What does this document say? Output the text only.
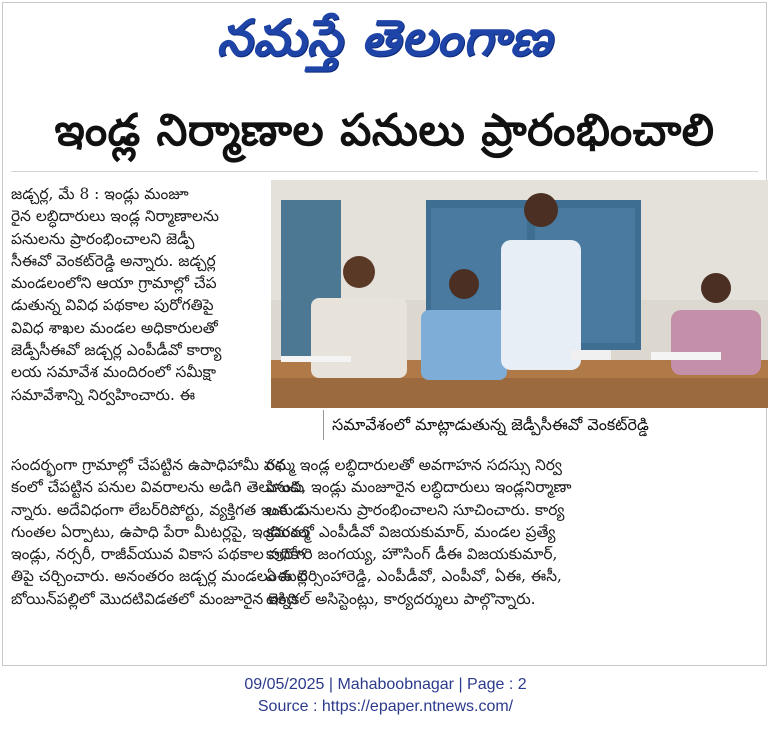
నమస్తే తెలంగాణ
ఇండ్ల నిర్మాణాల పనులు ప్రారంభించాలి
జడ్చర్ల, మే 8 : ఇండ్లు మంజూ
రైన లబ్ధిదారులు ఇండ్ల నిర్మాణాలను
పనులను ప్రారంభించాలని జెడ్పీ
సీఈవో వెంకట్‌రెడ్డి అన్నారు. జడ్చర్ల
మండలంలోని ఆయా గ్రామాల్లో చేప
డుతున్న వివిధ పథకాల పురోగతిపై
వివిధ శాఖల మండల అధికారులతో
జెడ్పీసీఈవో జడ్చర్ల ఎంపీడీవో కార్యా
లయ సమావేశ మందిరంలో సమీక్షా
సమావేశాన్ని నిర్వహించారు. ఈ
సమావేశంలో మాట్లాడుతున్న జెడ్పీసీఈవో వెంకట్‌రెడ్డి
సందర్భంగా గ్రామాల్లో చేపట్టిన ఉపాధిహామీ పథ
కంలో చేపట్టిన పనుల వివరాలను అడిగి తెలుసుకు
న్నారు. అదేవిధంగా లేబర్‌రిపోర్టు, వ్యక్తిగత ఇంకుడు
గుంతల ఏర్పాటు, ఉపాధి పేరా మీటర్లపై, ఇందిరమ్మ
ఇండ్లు, నర్సరీ, రాజీవ్‌యువ వికాస పథకాల పురోగ
తిపై చర్చించారు. అనంతరం జడ్చర్ల మండలం మల్లె
బోయిన్‌పల్లిలో మొదటివిడతలో మంజూరైన ఇంది
రమ్మ ఇండ్ల లబ్ధిదారులతో అవగాహన సదస్సు నిర్వ
హించి, ఇండ్లు మంజూరైన లబ్ధిదారులు ఇండ్లనిర్మాణా
లను పనులను ప్రారంభించాలని సూచించారు. కార్య
క్రమంలో ఎంపీడీవో విజయకుమార్, మండల ప్రత్యే
కాధికారి జంగయ్య, హౌసింగ్ డీఈ విజయకుమార్,
ఏఈ నర్సింహారెడ్డి, ఎంపీడీవో, ఎంపీవో, ఏఈ, ఈసీ,
టెక్నికల్ అసిస్టెంట్లు, కార్యదర్శులు పాల్గొన్నారు.
09/05/2025 | Mahaboobnagar | Page : 2
Source : https://epaper.ntnews.com/
